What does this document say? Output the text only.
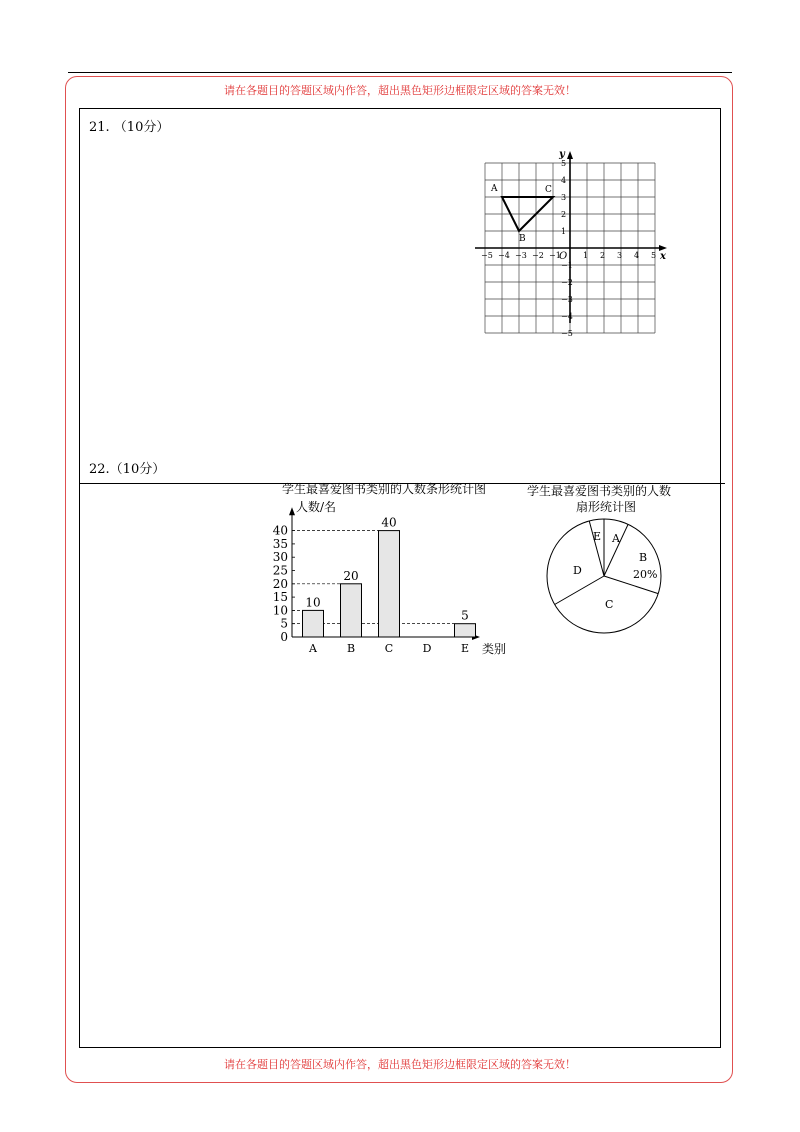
请在各题目的答题区域内作答，超出黑色矩形边框限定区域的答案无效！
请在各题目的答题区域内作答，超出黑色矩形边框限定区域的答案无效！
21. （10分）
22.（10分）
−5 −4 −3 −2 −1	1 2 3 4 5
5
4
3
2
1
−1
−2
−3
−4
−5
A
B
C
x
y
O
学生最喜爱图书类别的人数条形统计图
人数/名
类别
0
5
10
15
20
25
30
35
40
A	B	C	D	E
10
20
40
5
学生最喜爱图书类别的人数
扇形统计图
E A
B
20%
D
C
